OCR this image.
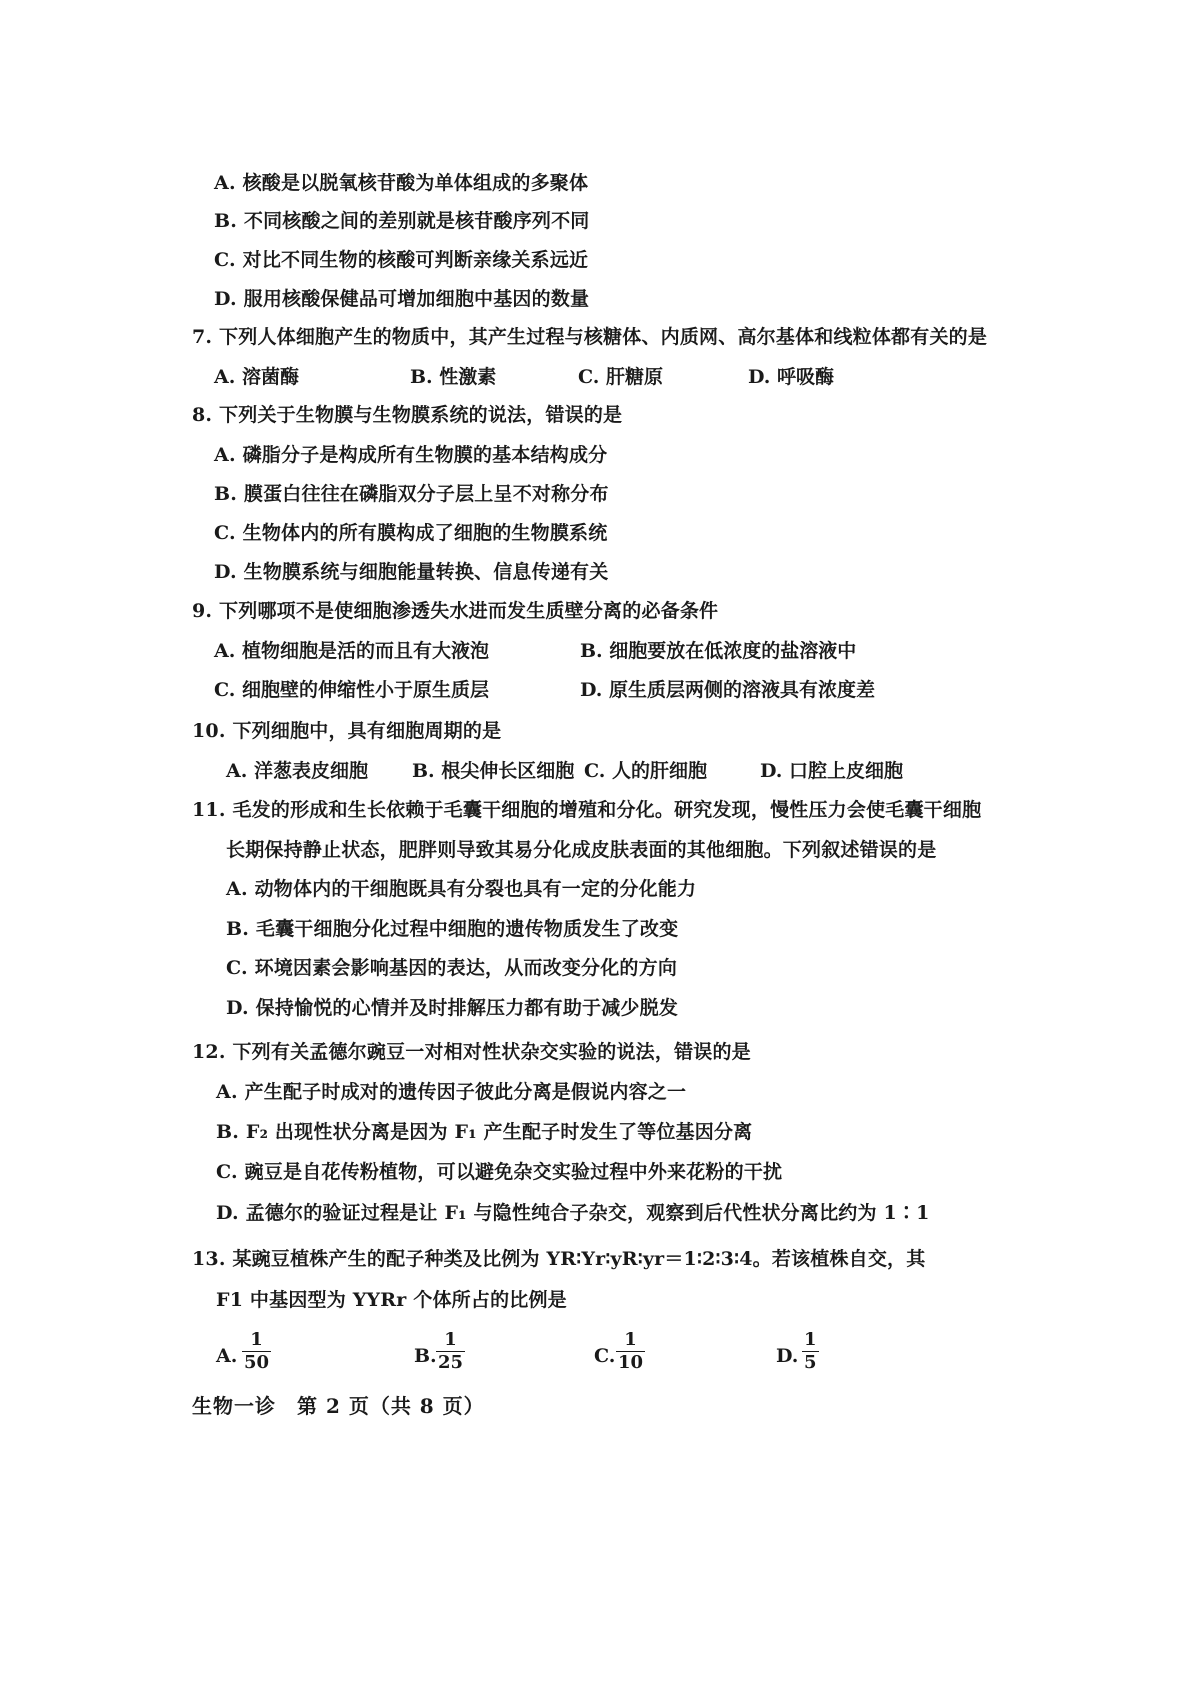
A. 核酸是以脱氧核苷酸为单体组成的多聚体
B. 不同核酸之间的差别就是核苷酸序列不同
C. 对比不同生物的核酸可判断亲缘关系远近
D. 服用核酸保健品可增加细胞中基因的数量
7. 下列人体细胞产生的物质中，其产生过程与核糖体、内质网、高尔基体和线粒体都有关的是
A. 溶菌酶	B. 性激素	C. 肝糖原	D. 呼吸酶
8. 下列关于生物膜与生物膜系统的说法，错误的是
A. 磷脂分子是构成所有生物膜的基本结构成分
B. 膜蛋白往往在磷脂双分子层上呈不对称分布
C. 生物体内的所有膜构成了细胞的生物膜系统
D. 生物膜系统与细胞能量转换、信息传递有关
9. 下列哪项不是使细胞渗透失水进而发生质壁分离的必备条件
A. 植物细胞是活的而且有大液泡	B. 细胞要放在低浓度的盐溶液中
C. 细胞壁的伸缩性小于原生质层	D. 原生质层两侧的溶液具有浓度差
10. 下列细胞中，具有细胞周期的是
A. 洋葱表皮细胞 B. 根尖伸长区细胞 C. 人的肝细胞	D. 口腔上皮细胞
11. 毛发的形成和生长依赖于毛囊干细胞的增殖和分化。研究发现，慢性压力会使毛囊干细胞
长期保持静止状态，肥胖则导致其易分化成皮肤表面的其他细胞。下列叙述错误的是
A. 动物体内的干细胞既具有分裂也具有一定的分化能力
B. 毛囊干细胞分化过程中细胞的遗传物质发生了改变
C. 环境因素会影响基因的表达，从而改变分化的方向
D. 保持愉悦的心情并及时排解压力都有助于减少脱发
12. 下列有关孟德尔豌豆一对相对性状杂交实验的说法，错误的是
A. 产生配子时成对的遗传因子彼此分离是假说内容之一
B. F₂ 出现性状分离是因为 F₁ 产生配子时发生了等位基因分离
C. 豌豆是自花传粉植物，可以避免杂交实验过程中外来花粉的干扰
D. 孟德尔的验证过程是让 F₁ 与隐性纯合子杂交，观察到后代性状分离比约为 1∶1
13. 某豌豆植株产生的配子种类及比例为 YR∶Yr∶yR∶yr＝1∶2∶3∶4。若该植株自交，其
F1 中基因型为 YYRr 个体所占的比例是
A.
1
50	B.
1
25	C.
1
10	D.
1
5
生物一诊　第 2 页（共 8 页）
